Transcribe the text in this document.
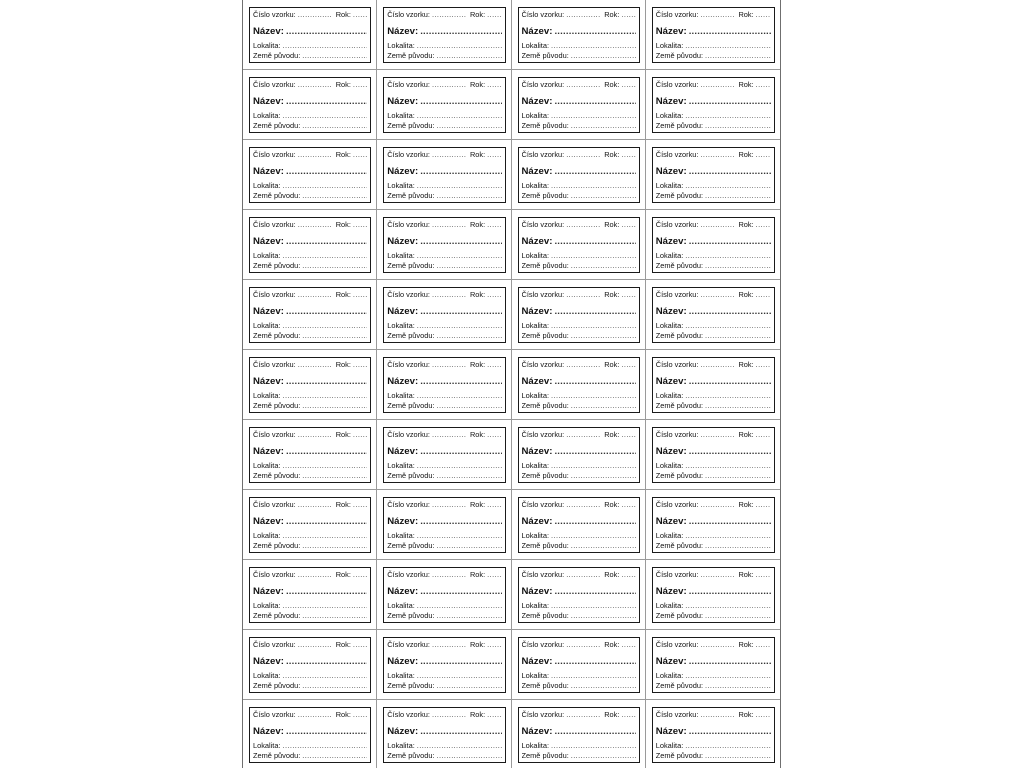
Číslo vzorku: .....	Rok:
.....
Název:
.....
Lokalita:
.....
Země původu:
.....
Číslo vzorku: .....	Rok:
.....
Název:
.....
Lokalita:
.....
Země původu:
.....
Číslo vzorku: .....	Rok:
.....
Název:
.....
Lokalita:
.....
Země původu:
.....
Číslo vzorku: .....	Rok:
.....
Název:
.....
Lokalita:
.....
Země původu:
.....
Číslo vzorku: .....	Rok:
.....
Název:
.....
Lokalita:
.....
Země původu:
.....
Číslo vzorku: .....	Rok:
.....
Název:
.....
Lokalita:
.....
Země původu:
.....
Číslo vzorku: .....	Rok:
.....
Název:
.....
Lokalita:
.....
Země původu:
.....
Číslo vzorku: .....	Rok:
.....
Název:
.....
Lokalita:
.....
Země původu:
.....
Číslo vzorku: .....	Rok:
.....
Název:
.....
Lokalita:
.....
Země původu:
.....
Číslo vzorku: .....	Rok:
.....
Název:
.....
Lokalita:
.....
Země původu:
.....
Číslo vzorku: .....	Rok:
.....
Název:
.....
Lokalita:
.....
Země původu:
.....
Číslo vzorku: .....	Rok:
.....
Název:
.....
Lokalita:
.....
Země původu:
.....
Číslo vzorku: .....	Rok:
.....
Název:
.....
Lokalita:
.....
Země původu:
.....
Číslo vzorku: .....	Rok:
.....
Název:
.....
Lokalita:
.....
Země původu:
.....
Číslo vzorku: .....	Rok:
.....
Název:
.....
Lokalita:
.....
Země původu:
.....
Číslo vzorku: .....	Rok:
.....
Název:
.....
Lokalita:
.....
Země původu:
.....
Číslo vzorku: .....	Rok:
.....
Název:
.....
Lokalita:
.....
Země původu:
.....
Číslo vzorku: .....	Rok:
.....
Název:
.....
Lokalita:
.....
Země původu:
.....
Číslo vzorku: .....	Rok:
.....
Název:
.....
Lokalita:
.....
Země původu:
.....
Číslo vzorku: .....	Rok:
.....
Název:
.....
Lokalita:
.....
Země původu:
.....
Číslo vzorku: .....	Rok:
.....
Název:
.....
Lokalita:
.....
Země původu:
.....
Číslo vzorku: .....	Rok:
.....
Název:
.....
Lokalita:
.....
Země původu:
.....
Číslo vzorku: .....	Rok:
.....
Název:
.....
Lokalita:
.....
Země původu:
.....
Číslo vzorku: .....	Rok:
.....
Název:
.....
Lokalita:
.....
Země původu:
.....
Číslo vzorku: .....	Rok:
.....
Název:
.....
Lokalita:
.....
Země původu:
.....
Číslo vzorku: .....	Rok:
.....
Název:
.....
Lokalita:
.....
Země původu:
.....
Číslo vzorku: .....	Rok:
.....
Název:
.....
Lokalita:
.....
Země původu:
.....
Číslo vzorku: .....	Rok:
.....
Název:
.....
Lokalita:
.....
Země původu:
.....
Číslo vzorku: .....	Rok:
.....
Název:
.....
Lokalita:
.....
Země původu:
.....
Číslo vzorku: .....	Rok:
.....
Název:
.....
Lokalita:
.....
Země původu:
.....
Číslo vzorku: .....	Rok:
.....
Název:
.....
Lokalita:
.....
Země původu:
.....
Číslo vzorku: .....	Rok:
.....
Název:
.....
Lokalita:
.....
Země původu:
.....
Číslo vzorku: .....	Rok:
.....
Název:
.....
Lokalita:
.....
Země původu:
.....
Číslo vzorku: .....	Rok:
.....
Název:
.....
Lokalita:
.....
Země původu:
.....
Číslo vzorku: .....	Rok:
.....
Název:
.....
Lokalita:
.....
Země původu:
.....
Číslo vzorku: .....	Rok:
.....
Název:
.....
Lokalita:
.....
Země původu:
.....
Číslo vzorku: .....	Rok:
.....
Název:
.....
Lokalita:
.....
Země původu:
.....
Číslo vzorku: .....	Rok:
.....
Název:
.....
Lokalita:
.....
Země původu:
.....
Číslo vzorku: .....	Rok:
.....
Název:
.....
Lokalita:
.....
Země původu:
.....
Číslo vzorku: .....	Rok:
.....
Název:
.....
Lokalita:
.....
Země původu:
.....
Číslo vzorku: .....	Rok:
.....
Název:
.....
Lokalita:
.....
Země původu:
.....
Číslo vzorku: .....	Rok:
.....
Název:
.....
Lokalita:
.....
Země původu:
.....
Číslo vzorku: .....	Rok:
.....
Název:
.....
Lokalita:
.....
Země původu:
.....
Číslo vzorku: .....	Rok:
.....
Název:
.....
Lokalita:
.....
Země původu:
.....
